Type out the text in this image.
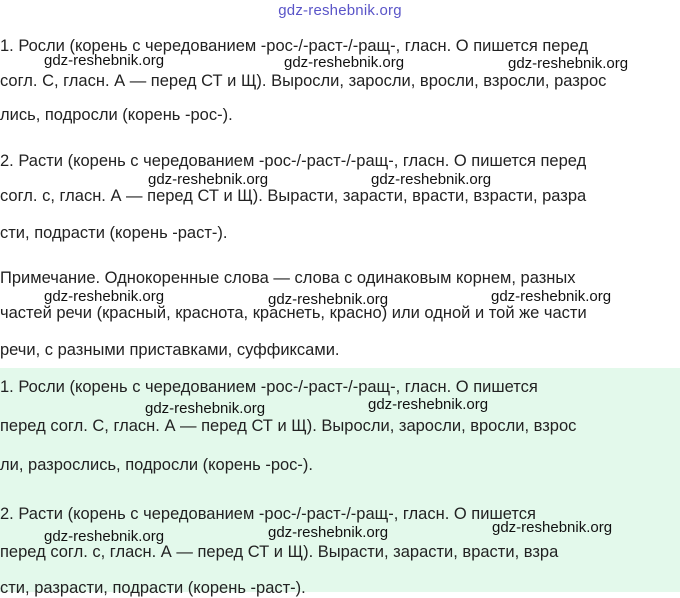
gdz-reshebnik.org
1. Росли (корень с чередованием -рос-/-раст-/-ращ-, гласн. О пишется перед
согл. С, гласн. А — перед СТ и Щ). Выросли, заросли, вросли, взросли, разрос
лись, подросли (корень -рос-).
2. Расти (корень с чередованием -рос-/-раст-/-ращ-, гласн. О пишется перед
согл. с, гласн. А — перед СТ и Щ). Вырасти, зарасти, врасти, взрасти, разра
сти, подрасти (корень -раст-).
Примечание. Однокоренные слова — слова с одинаковым корнем, разных
частей речи (красный, краснота, краснеть, красно) или одной и той же части
речи, с разными приставками, суффиксами.
1. Росли (корень с чередованием -рос-/-раст-/-ращ-, гласн. О пишется
перед согл. С, гласн. А — перед СТ и Щ). Выросли, заросли, вросли, взрос
ли, разрослись, подросли (корень -рос-).
2. Расти (корень с чередованием -рос-/-раст-/-ращ-, гласн. О пишется
перед согл. с, гласн. А — перед СТ и Щ). Вырасти, зарасти, врасти, взра
сти, разрасти, подрасти (корень -раст-).
gdz-reshebnik.org	gdz-reshebnik.org	gdz-reshebnik.org
gdz-reshebnik.org	gdz-reshebnik.org
gdz-reshebnik.org	gdz-reshebnik.org	gdz-reshebnik.org
gdz-reshebnik.org	gdz-reshebnik.org
gdz-reshebnik.org	gdz-reshebnik.org	gdz-reshebnik.org
